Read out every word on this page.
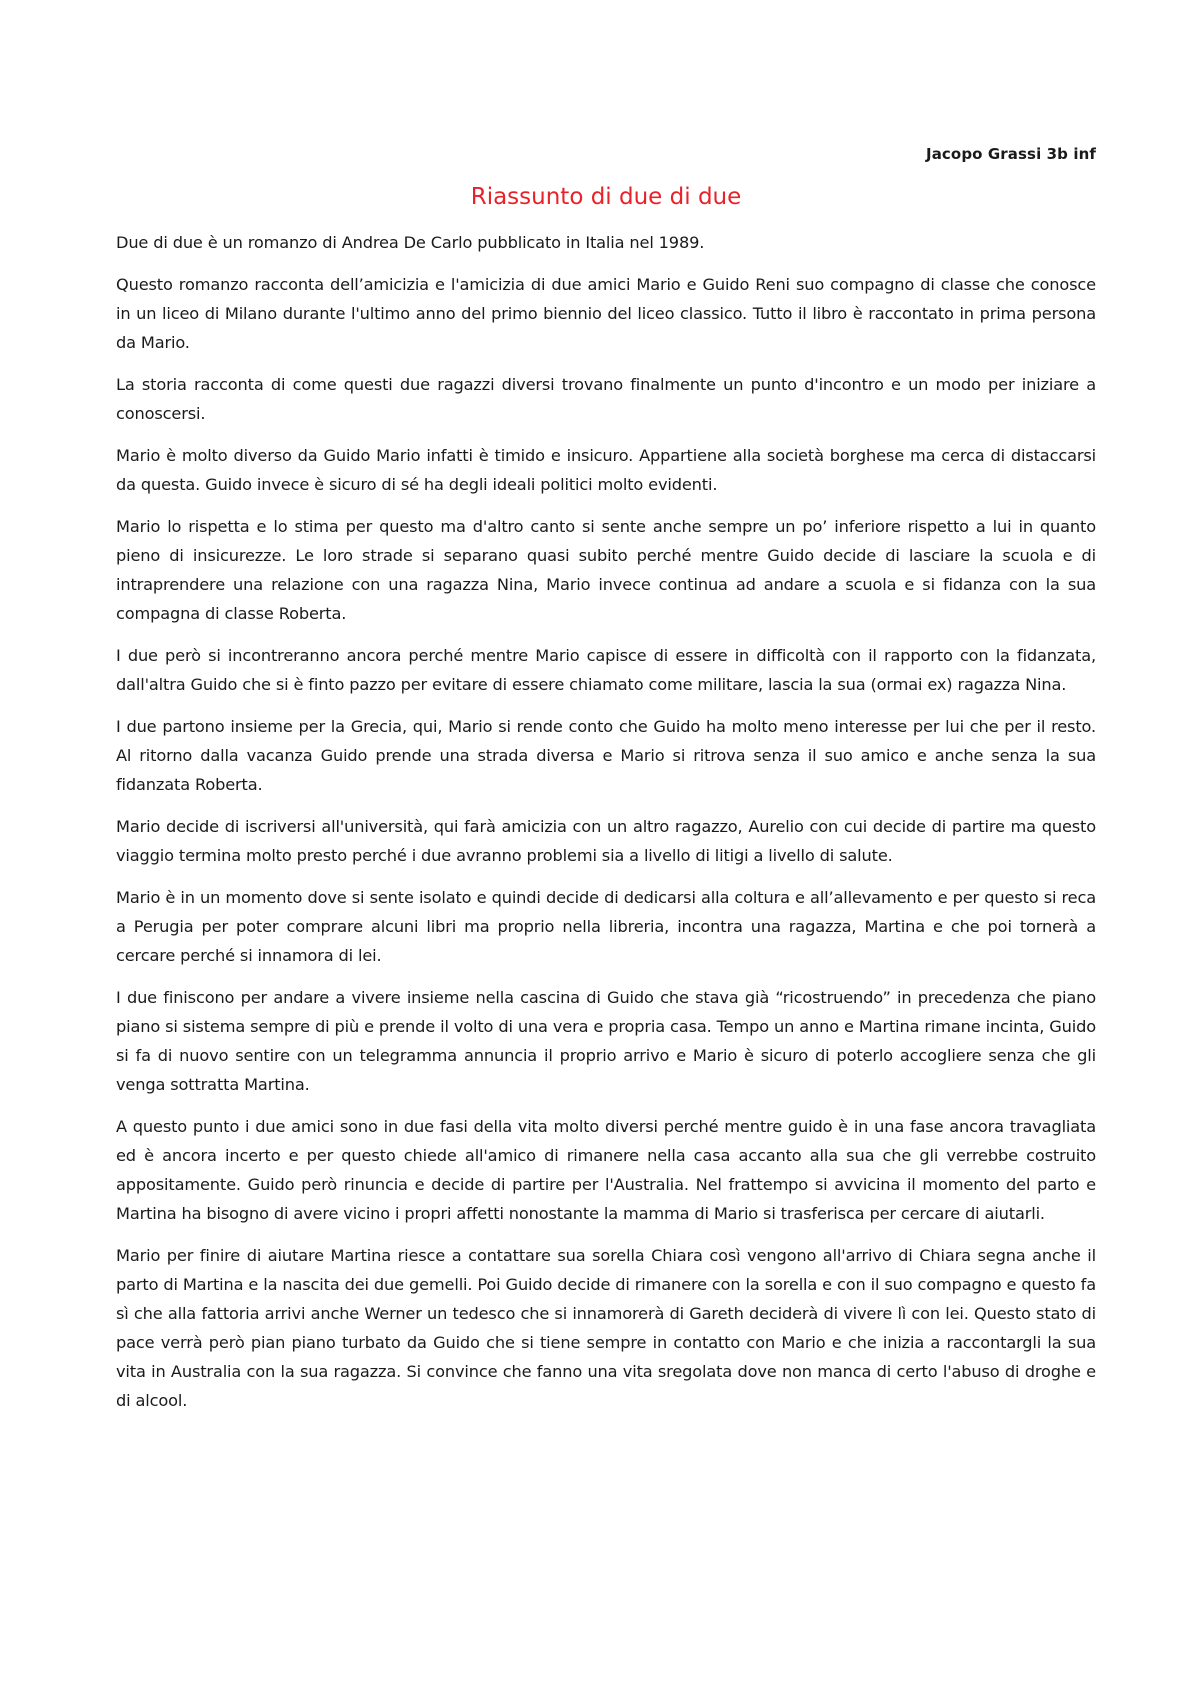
Jacopo Grassi 3b inf
Riassunto di due di due

Due di due è un romanzo di Andrea De Carlo pubblicato in Italia nel 1989.

Questo romanzo racconta dell’amicizia e l'amicizia di due amici Mario e Guido Reni suo compagno di classe che conosce in un liceo di Milano durante l'ultimo anno del primo biennio del liceo classico. Tutto il libro è raccontato in prima persona da Mario.

La storia racconta di come questi due ragazzi diversi trovano finalmente un punto d'incontro e un modo per iniziare a conoscersi.

Mario è molto diverso da Guido Mario infatti è timido e insicuro. Appartiene alla società borghese ma cerca di distaccarsi da questa. Guido invece è sicuro di sé ha degli ideali politici molto evidenti.

Mario lo rispetta e lo stima per questo ma d'altro canto si sente anche sempre un po’ inferiore rispetto a lui in quanto pieno di insicurezze. Le loro strade si separano quasi subito perché mentre Guido decide di lasciare la scuola e di intraprendere una relazione con una ragazza Nina, Mario invece continua ad andare a scuola e si fidanza con la sua compagna di classe Roberta.

I due però si incontreranno ancora perché mentre Mario capisce di essere in difficoltà con il rapporto con la fidanzata, dall'altra Guido che si è finto pazzo per evitare di essere chiamato come militare, lascia la sua (ormai ex) ragazza Nina.

I due partono insieme per la Grecia, qui, Mario si rende conto che Guido ha molto meno interesse per lui che per il resto. Al ritorno dalla vacanza Guido prende una strada diversa e Mario si ritrova senza il suo amico e anche senza la sua fidanzata Roberta.

Mario decide di iscriversi all'università, qui farà amicizia con un altro ragazzo, Aurelio con cui decide di partire ma questo viaggio termina molto presto perché i due avranno problemi sia a livello di litigi a livello di salute.

Mario è in un momento dove si sente isolato e quindi decide di dedicarsi alla coltura e all’allevamento e per questo si reca a Perugia per poter comprare alcuni libri ma proprio nella libreria, incontra una ragazza, Martina e che poi tornerà a cercare perché si innamora di lei.

I due finiscono per andare a vivere insieme nella cascina di Guido che stava già “ricostruendo” in precedenza che piano piano si sistema sempre di più e prende il volto di una vera e propria casa. Tempo un anno e Martina rimane incinta, Guido si fa di nuovo sentire con un telegramma annuncia il proprio arrivo e Mario è sicuro di poterlo accogliere senza che gli venga sottratta Martina.

A questo punto i due amici sono in due fasi della vita molto diversi perché mentre guido è in una fase ancora travagliata ed è ancora incerto e per questo chiede all'amico di rimanere nella casa accanto alla sua che gli verrebbe costruito appositamente. Guido però rinuncia e decide di partire per l'Australia. Nel frattempo si avvicina il momento del parto e Martina ha bisogno di avere vicino i propri affetti nonostante la mamma di Mario si trasferisca per cercare di aiutarli.

Mario per finire di aiutare Martina riesce a contattare sua sorella Chiara così vengono all'arrivo di Chiara segna anche il parto di Martina e la nascita dei due gemelli. Poi Guido decide di rimanere con la sorella e con il suo compagno e questo fa sì che alla fattoria arrivi anche Werner un tedesco che si innamorerà di Gareth deciderà di vivere lì con lei. Questo stato di pace verrà però pian piano turbato da Guido che si tiene sempre in contatto con Mario e che inizia a raccontargli la sua vita in Australia con la sua ragazza. Si convince che fanno una vita sregolata dove non manca di certo l'abuso di droghe e di alcool.
